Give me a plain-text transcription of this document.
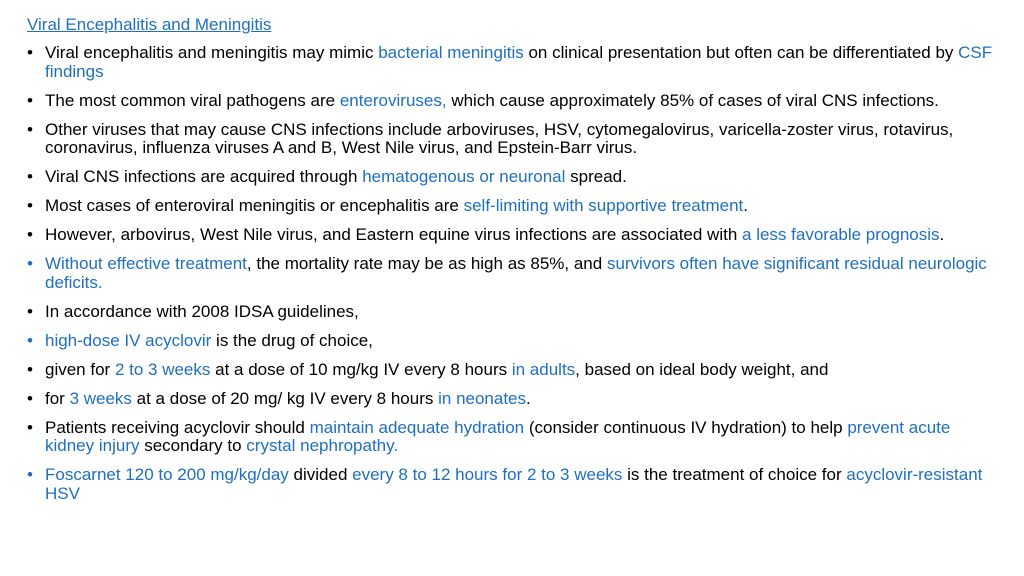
Viral Encephalitis and Meningitis
• Viral encephalitis and meningitis may mimic bacterial meningitis on clinical presentation but often can be differentiated by CSF findings
• The most common viral pathogens are enteroviruses, which cause approximately 85% of cases of viral CNS infections.
• Other viruses that may cause CNS infections include arboviruses, HSV, cytomegalovirus, varicella-zoster virus, rotavirus, coronavirus, influenza viruses A and B, West Nile virus, and Epstein-Barr virus.
• Viral CNS infections are acquired through hematogenous or neuronal spread.
• Most cases of enteroviral meningitis or encephalitis are self-limiting with supportive treatment.
• However, arbovirus, West Nile virus, and Eastern equine virus infections are associated with a less favorable prognosis.
• Without effective treatment, the mortality rate may be as high as 85%, and survivors often have significant residual neurologic deficits.
• In accordance with 2008 IDSA guidelines,
• high-dose IV acyclovir is the drug of choice,
• given for 2 to 3 weeks at a dose of 10 mg/kg IV every 8 hours in adults, based on ideal body weight, and
• for 3 weeks at a dose of 20 mg/ kg IV every 8 hours in neonates.
• Patients receiving acyclovir should maintain adequate hydration (consider continuous IV hydration) to help prevent acute kidney injury secondary to crystal nephropathy.
• Foscarnet 120 to 200 mg/kg/day divided every 8 to 12 hours for 2 to 3 weeks is the treatment of choice for acyclovir-resistant HSV
